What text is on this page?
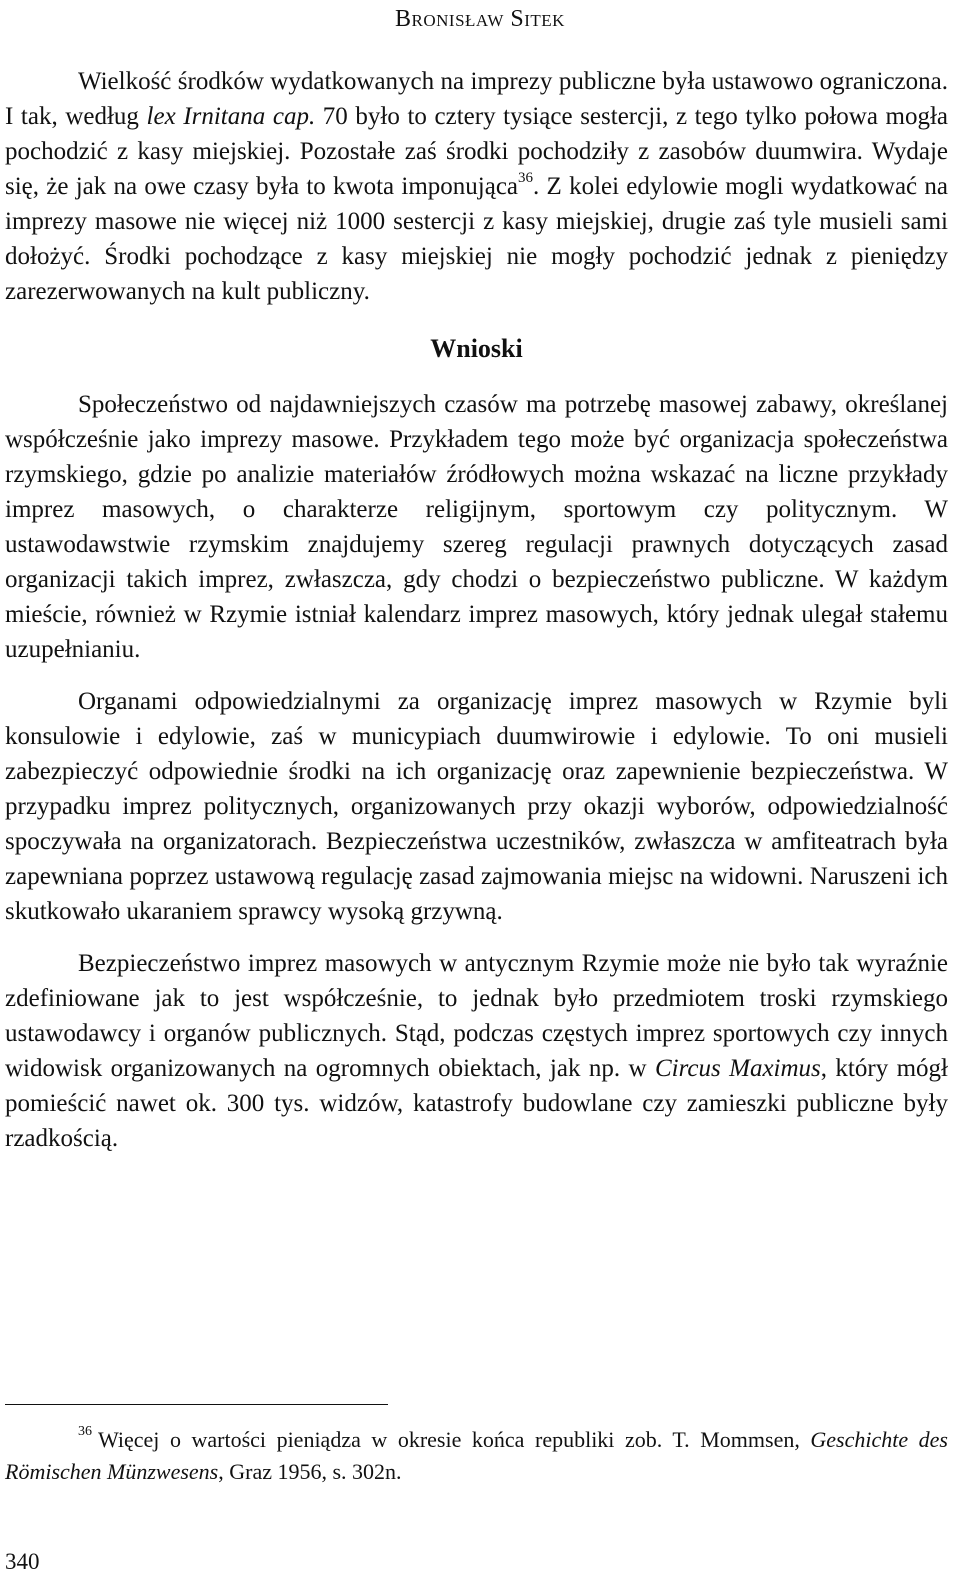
Bronisław Sitek

Wielkość środków wydatkowanych na imprezy publiczne była ustawowo ograniczona. I tak, według lex Irnitana cap. 70 było to cztery tysiące sestercji, z tego tylko połowa mogła pochodzić z kasy miejskiej. Pozostałe zaś środki pochodziły z zasobów duumwira. Wydaje się, że jak na owe czasy była to kwota imponująca$^{36}$. Z kolei edylowie mogli wydatkować na imprezy masowe nie więcej niż 1000 sestercji z kasy miejskiej, drugie zaś tyle musieli sami dołożyć. Środki pochodzące z kasy miejskiej nie mogły pochodzić jednak z pieniędzy zarezerwowanych na kult publiczny.

Wnioski

Społeczeństwo od najdawniejszych czasów ma potrzebę masowej zabawy, określanej współcześnie jako imprezy masowe. Przykładem tego może być organizacja społeczeństwa rzymskiego, gdzie po analizie materiałów źródłowych można wskazać na liczne przykłady imprez masowych, o charakterze religijnym, sportowym czy politycznym. W ustawodawstwie rzymskim znajdujemy szereg regulacji prawnych dotyczących zasad organizacji takich imprez, zwłaszcza, gdy chodzi o bezpieczeństwo publiczne. W każdym mieście, również w Rzymie istniał kalendarz imprez masowych, który jednak ulegał stałemu uzupełnianiu.

Organami odpowiedzialnymi za organizację imprez masowych w Rzymie byli konsulowie i edylowie, zaś w municypiach duumwirowie i edylowie. To oni musieli zabezpieczyć odpowiednie środki na ich organizację oraz zapewnienie bezpieczeństwa. W przypadku imprez politycznych, organizowanych przy okazji wyborów, odpowiedzialność spoczywała na organizatorach. Bezpieczeństwa uczestników, zwłaszcza w amfiteatrach była zapewniana poprzez ustawową regulację zasad zajmowania miejsc na widowni. Naruszeni ich skutkowało ukaraniem sprawcy wysoką grzywną.

Bezpieczeństwo imprez masowych w antycznym Rzymie może nie było tak wyraźnie zdefiniowane jak to jest współcześnie, to jednak było przedmiotem troski rzymskiego ustawodawcy i organów publicznych. Stąd, podczas częstych imprez sportowych czy innych widowisk organizowanych na ogromnych obiektach, jak np. w Circus Maximus, który mógł pomieścić nawet ok. 300 tys. widzów, katastrofy budowlane czy zamieszki publiczne były rzadkością.

$^{36}$ Więcej o wartości pieniądza w okresie końca republiki zob. T. Mommsen, Geschichte des Römischen Münzwesens, Graz 1956, s. 302n.
340
